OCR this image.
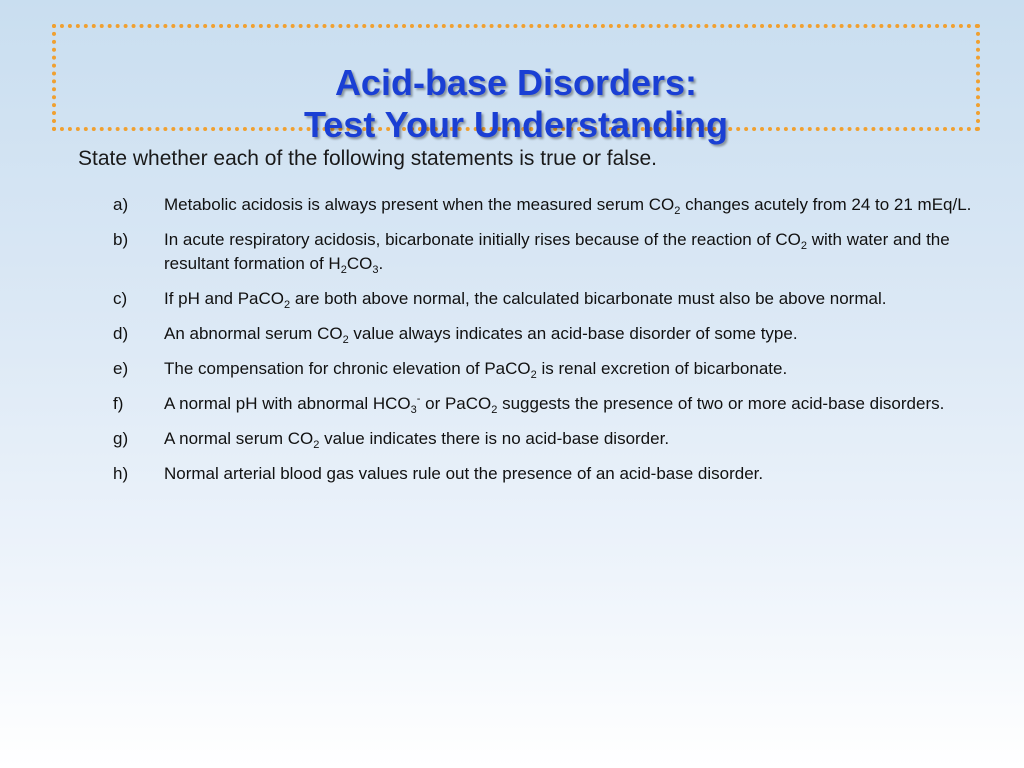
Acid-base Disorders:
Test Your Understanding
State whether each of the following statements is true or false.
a) Metabolic acidosis is always present when the measured serum $CO_2$ changes acutely from 24 to 21 mEq/L.
b) In acute respiratory acidosis, bicarbonate initially rises because of the reaction of $CO_2$ with water and the resultant formation of $H_2CO_3$.
c) If pH and PaCO$_2$ are both above normal, the calculated bicarbonate must also be above normal.
d) An abnormal serum $CO_2$ value always indicates an acid-base disorder of some type.
e) The compensation for chronic elevation of PaCO$_2$ is renal excretion of bicarbonate.
f) A normal pH with abnormal $HCO_3^-$ or PaCO$_2$ suggests the presence of two or more acid-base disorders.
g) A normal serum $CO_2$ value indicates there is no acid-base disorder.
h) Normal arterial blood gas values rule out the presence of an acid-base disorder.
